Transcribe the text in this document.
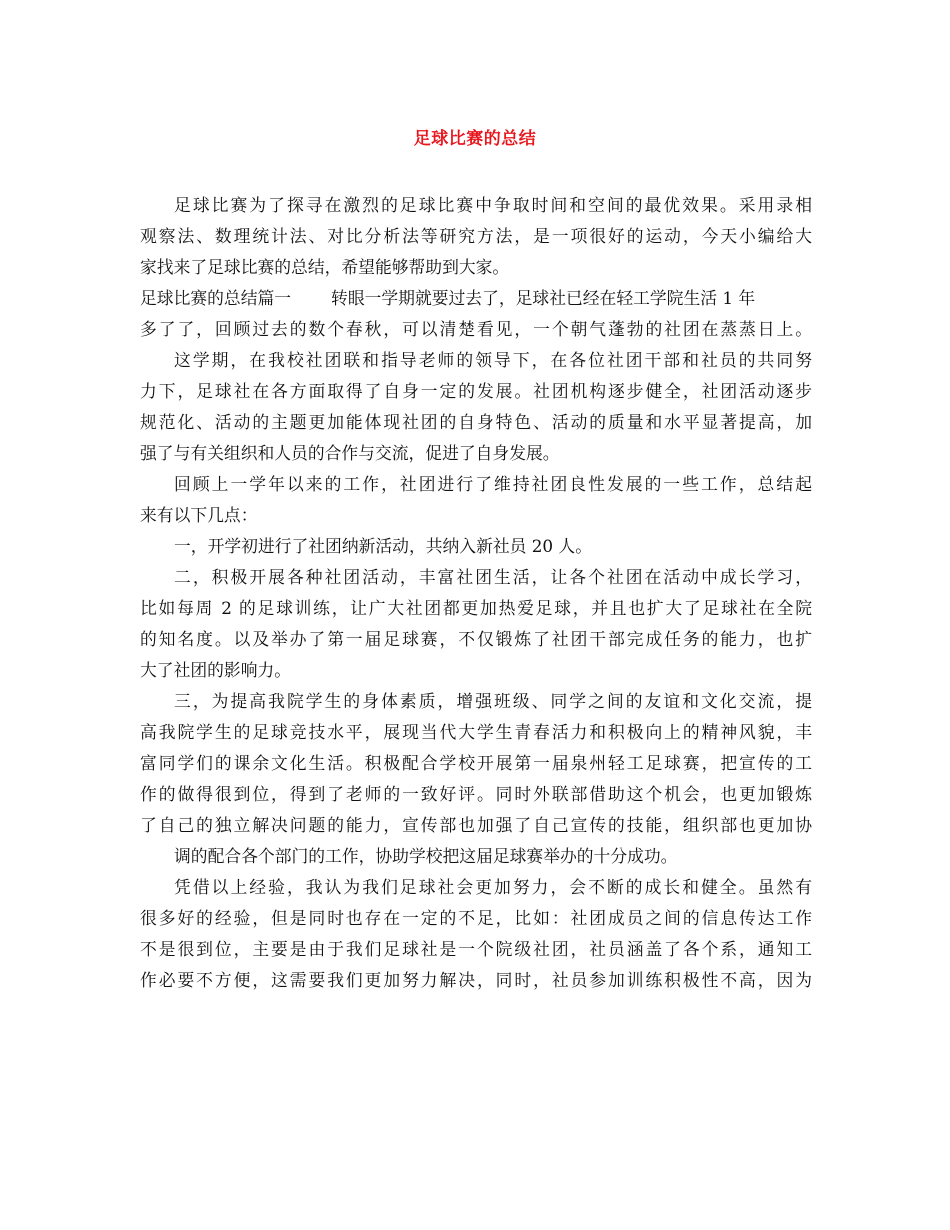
足球比赛的总结
足球比赛为了探寻在激烈的足球比赛中争取时间和空间的最优效果。采用录相
观察法、数理统计法、对比分析法等研究方法，是一项很好的运动，今天小编给大
家找来了足球比赛的总结，希望能够帮助到大家。
足球比赛的总结篇一 转眼一学期就要过去了，足球社已经在轻工学院生活 1 年
多了了，回顾过去的数个春秋，可以清楚看见，一个朝气蓬勃的社团在蒸蒸日上。
这学期，在我校社团联和指导老师的领导下，在各位社团干部和社员的共同努
力下，足球社在各方面取得了自身一定的发展。社团机构逐步健全，社团活动逐步
规范化、活动的主题更加能体现社团的自身特色、活动的质量和水平显著提高，加
强了与有关组织和人员的合作与交流，促进了自身发展。
回顾上一学年以来的工作，社团进行了维持社团良性发展的一些工作，总结起
来有以下几点：
一，开学初进行了社团纳新活动，共纳入新社员 20 人。
二，积极开展各种社团活动，丰富社团生活，让各个社团在活动中成长学习，
比如每周 2 的足球训练，让广大社团都更加热爱足球，并且也扩大了足球社在全院
的知名度。以及举办了第一届足球赛，不仅锻炼了社团干部完成任务的能力，也扩
大了社团的影响力。
三，为提高我院学生的身体素质，增强班级、同学之间的友谊和文化交流，提
高我院学生的足球竞技水平，展现当代大学生青春活力和积极向上的精神风貌，丰
富同学们的课余文化生活。积极配合学校开展第一届泉州轻工足球赛，把宣传的工
作的做得很到位，得到了老师的一致好评。同时外联部借助这个机会，也更加锻炼
了自己的独立解决问题的能力，宣传部也加强了自己宣传的技能，组织部也更加协
调的配合各个部门的工作，协助学校把这届足球赛举办的十分成功。
凭借以上经验，我认为我们足球社会更加努力，会不断的成长和健全。虽然有
很多好的经验，但是同时也存在一定的不足，比如：社团成员之间的信息传达工作
不是很到位，主要是由于我们足球社是一个院级社团，社员涵盖了各个系，通知工
作必要不方便，这需要我们更加努力解决，同时，社员参加训练积极性不高，因为
